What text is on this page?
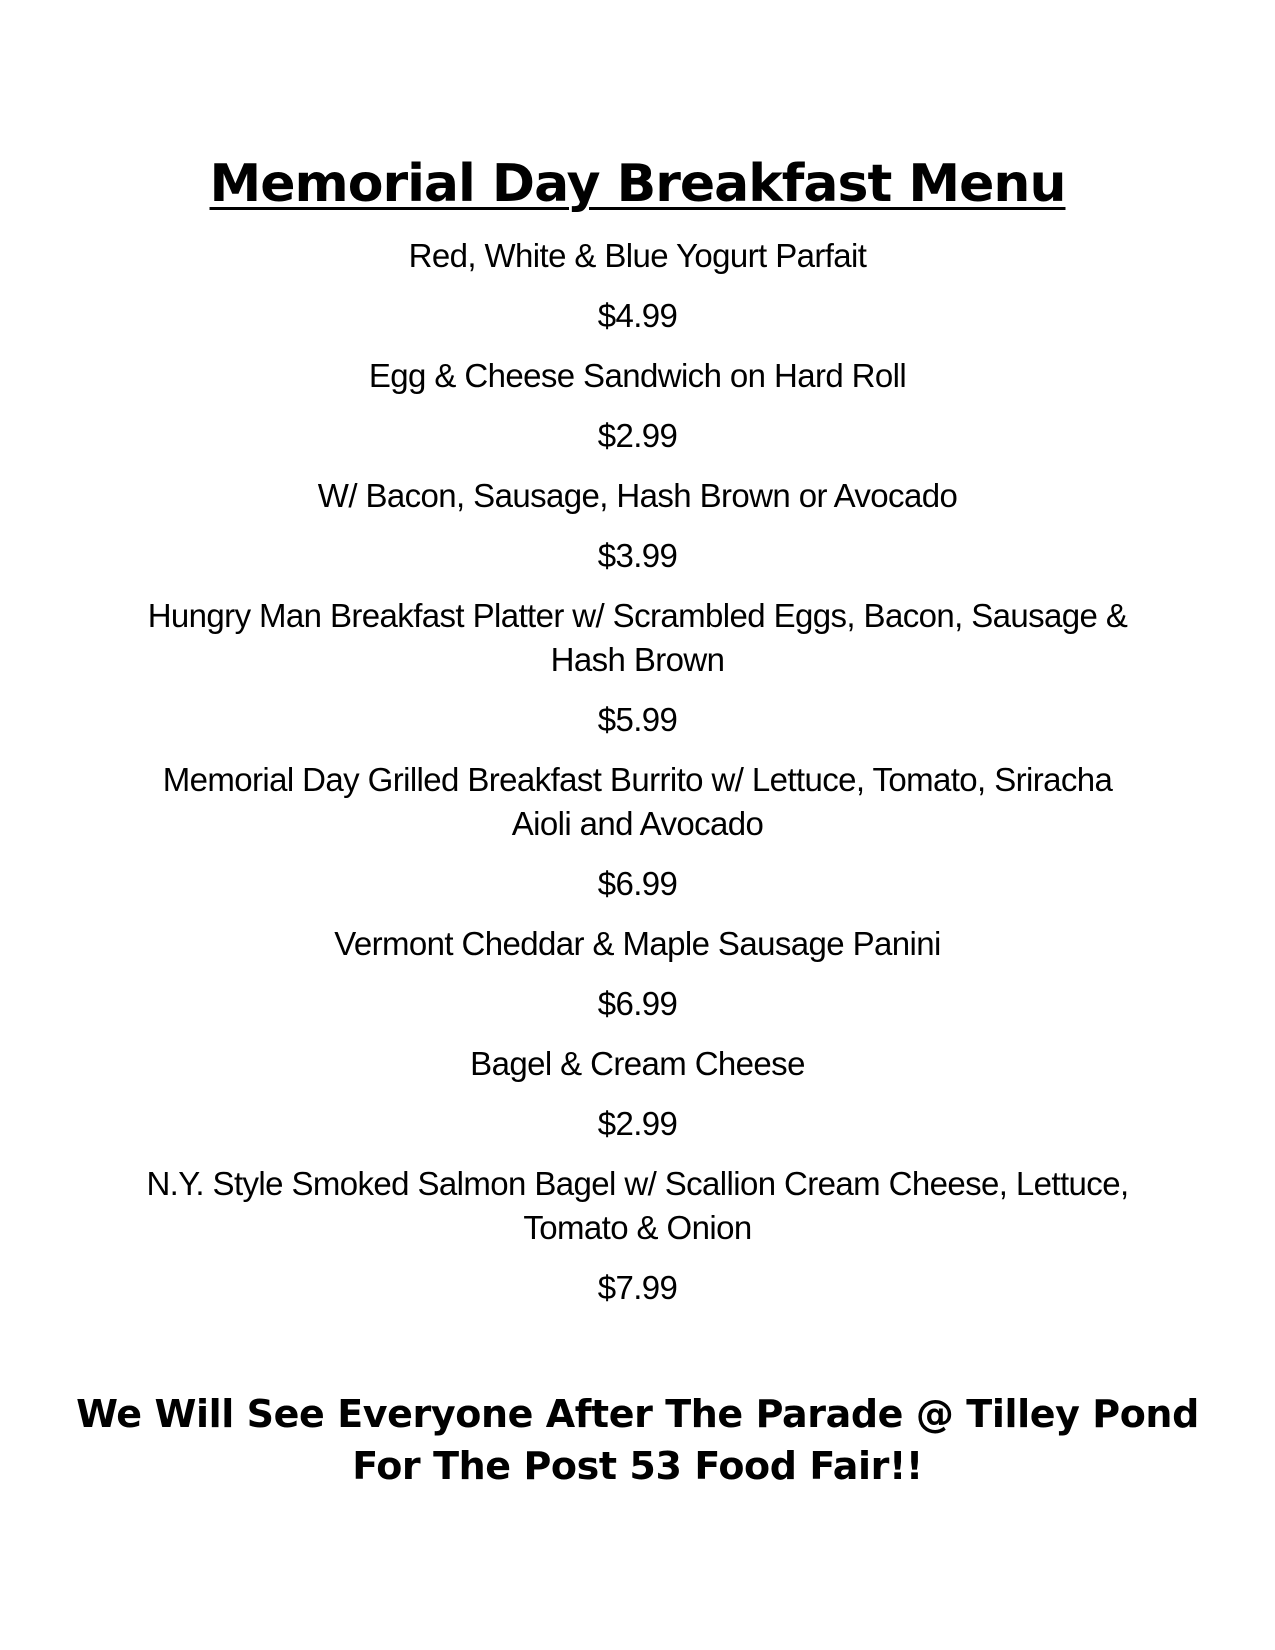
Memorial Day Breakfast Menu
Red, White & Blue Yogurt Parfait
$4.99
Egg & Cheese Sandwich on Hard Roll
$2.99
W/ Bacon, Sausage, Hash Brown or Avocado
$3.99
Hungry Man Breakfast Platter w/ Scrambled Eggs, Bacon, Sausage &
Hash Brown
$5.99
Memorial Day Grilled Breakfast Burrito w/ Lettuce, Tomato, Sriracha
Aioli and Avocado
$6.99
Vermont Cheddar & Maple Sausage Panini
$6.99
Bagel & Cream Cheese
$2.99
N.Y. Style Smoked Salmon Bagel w/ Scallion Cream Cheese, Lettuce,
Tomato & Onion
$7.99
We Will See Everyone After The Parade @ Tilley Pond
For The Post 53 Food Fair!!
